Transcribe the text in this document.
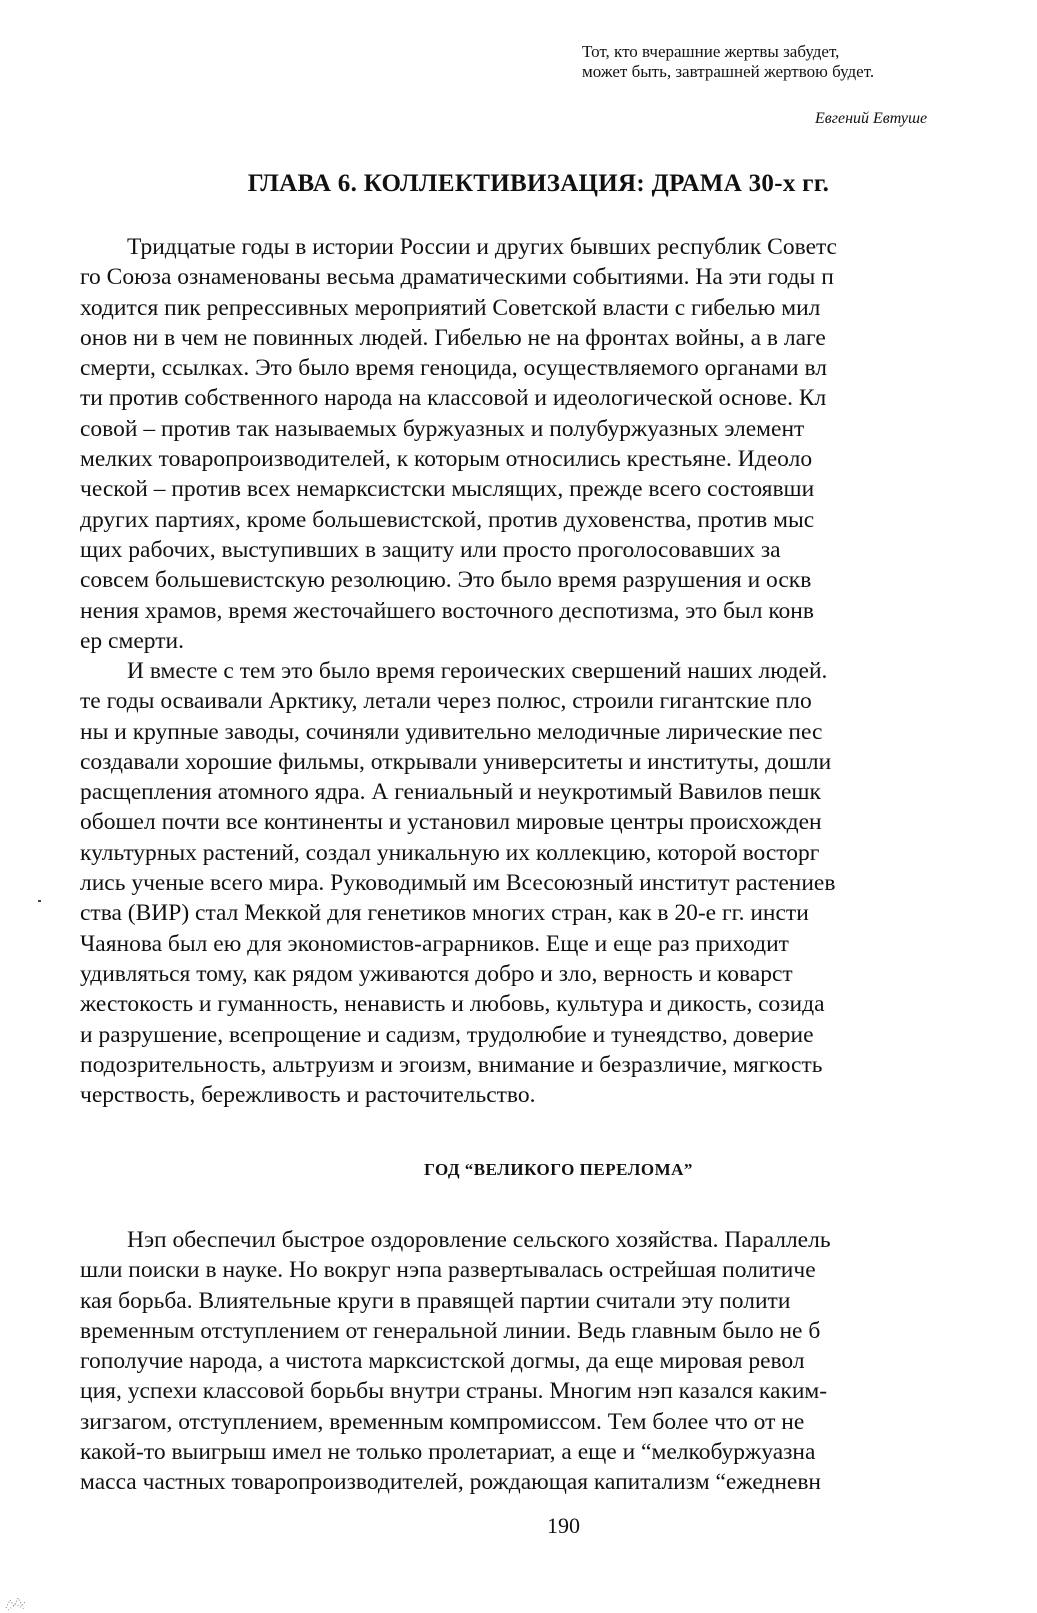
Тот, кто вчерашние жертвы забудет,
может быть, завтрашней жертвою будет.
Евгений Евтуше
ГЛАВА 6. КОЛЛЕКТИВИЗАЦИЯ: ДРАМА 30-х гг.
Тридцатые годы в истории России и других бывших республик Советс
го Союза ознаменованы весьма драматическими событиями. На эти годы п
ходится пик репрессивных мероприятий Советской власти с гибелью мил
онов ни в чем не повинных людей. Гибелью не на фронтах войны, а в лаге
смерти, ссылках. Это было время геноцида, осуществляемого органами вл
ти против собственного народа на классовой и идеологической основе. Кл
совой – против так называемых буржуазных и полубуржуазных элемент
мелких товаропроизводителей, к которым относились крестьяне. Идеоло
ческой – против всех немарксистски мыслящих, прежде всего состоявши
других партиях, кроме большевистской, против духовенства, против мыс
щих рабочих, выступивших в защиту или просто проголосовавших за
совсем большевистскую резолюцию. Это было время разрушения и оскв
нения храмов, время жесточайшего восточного деспотизма, это был конв
ер смерти.
И вместе с тем это было время героических свершений наших людей.
те годы осваивали Арктику, летали через полюс, строили гигантские пло
ны и крупные заводы, сочиняли удивительно мелодичные лирические пес
создавали хорошие фильмы, открывали университеты и институты, дошли
расщепления атомного ядра. А гениальный и неукротимый Вавилов пешк
обошел почти все континенты и установил мировые центры происхожден
культурных растений, создал уникальную их коллекцию, которой восторг
лись ученые всего мира. Руководимый им Всесоюзный институт растениев
ства (ВИР) стал Меккой для генетиков многих стран, как в 20-е гг. инсти
Чаянова был ею для экономистов-аграрников. Еще и еще раз приходит
удивляться тому, как рядом уживаются добро и зло, верность и коварст
жестокость и гуманность, ненависть и любовь, культура и дикость, созида
и разрушение, всепрощение и садизм, трудолюбие и тунеядство, доверие
подозрительность, альтруизм и эгоизм, внимание и безразличие, мягкость
черствость, бережливость и расточительство.
ГОД “ВЕЛИКОГО ПЕРЕЛОМА”
Нэп обеспечил быстрое оздоровление сельского хозяйства. Параллель
шли поиски в науке. Но вокруг нэпа развертывалась острейшая политиче
кая борьба. Влиятельные круги в правящей партии считали эту полити
временным отступлением от генеральной линии. Ведь главным было не б
гополучие народа, а чистота марксистской догмы, да еще мировая револ
ция, успехи классовой борьбы внутри страны. Многим нэп казался каким-
зигзагом, отступлением, временным компромиссом. Тем более что от не
какой-то выигрыш имел не только пролетариат, а еще и “мелкобуржуазна
масса частных товаропроизводителей, рождающая капитализм “ежедневн
190
